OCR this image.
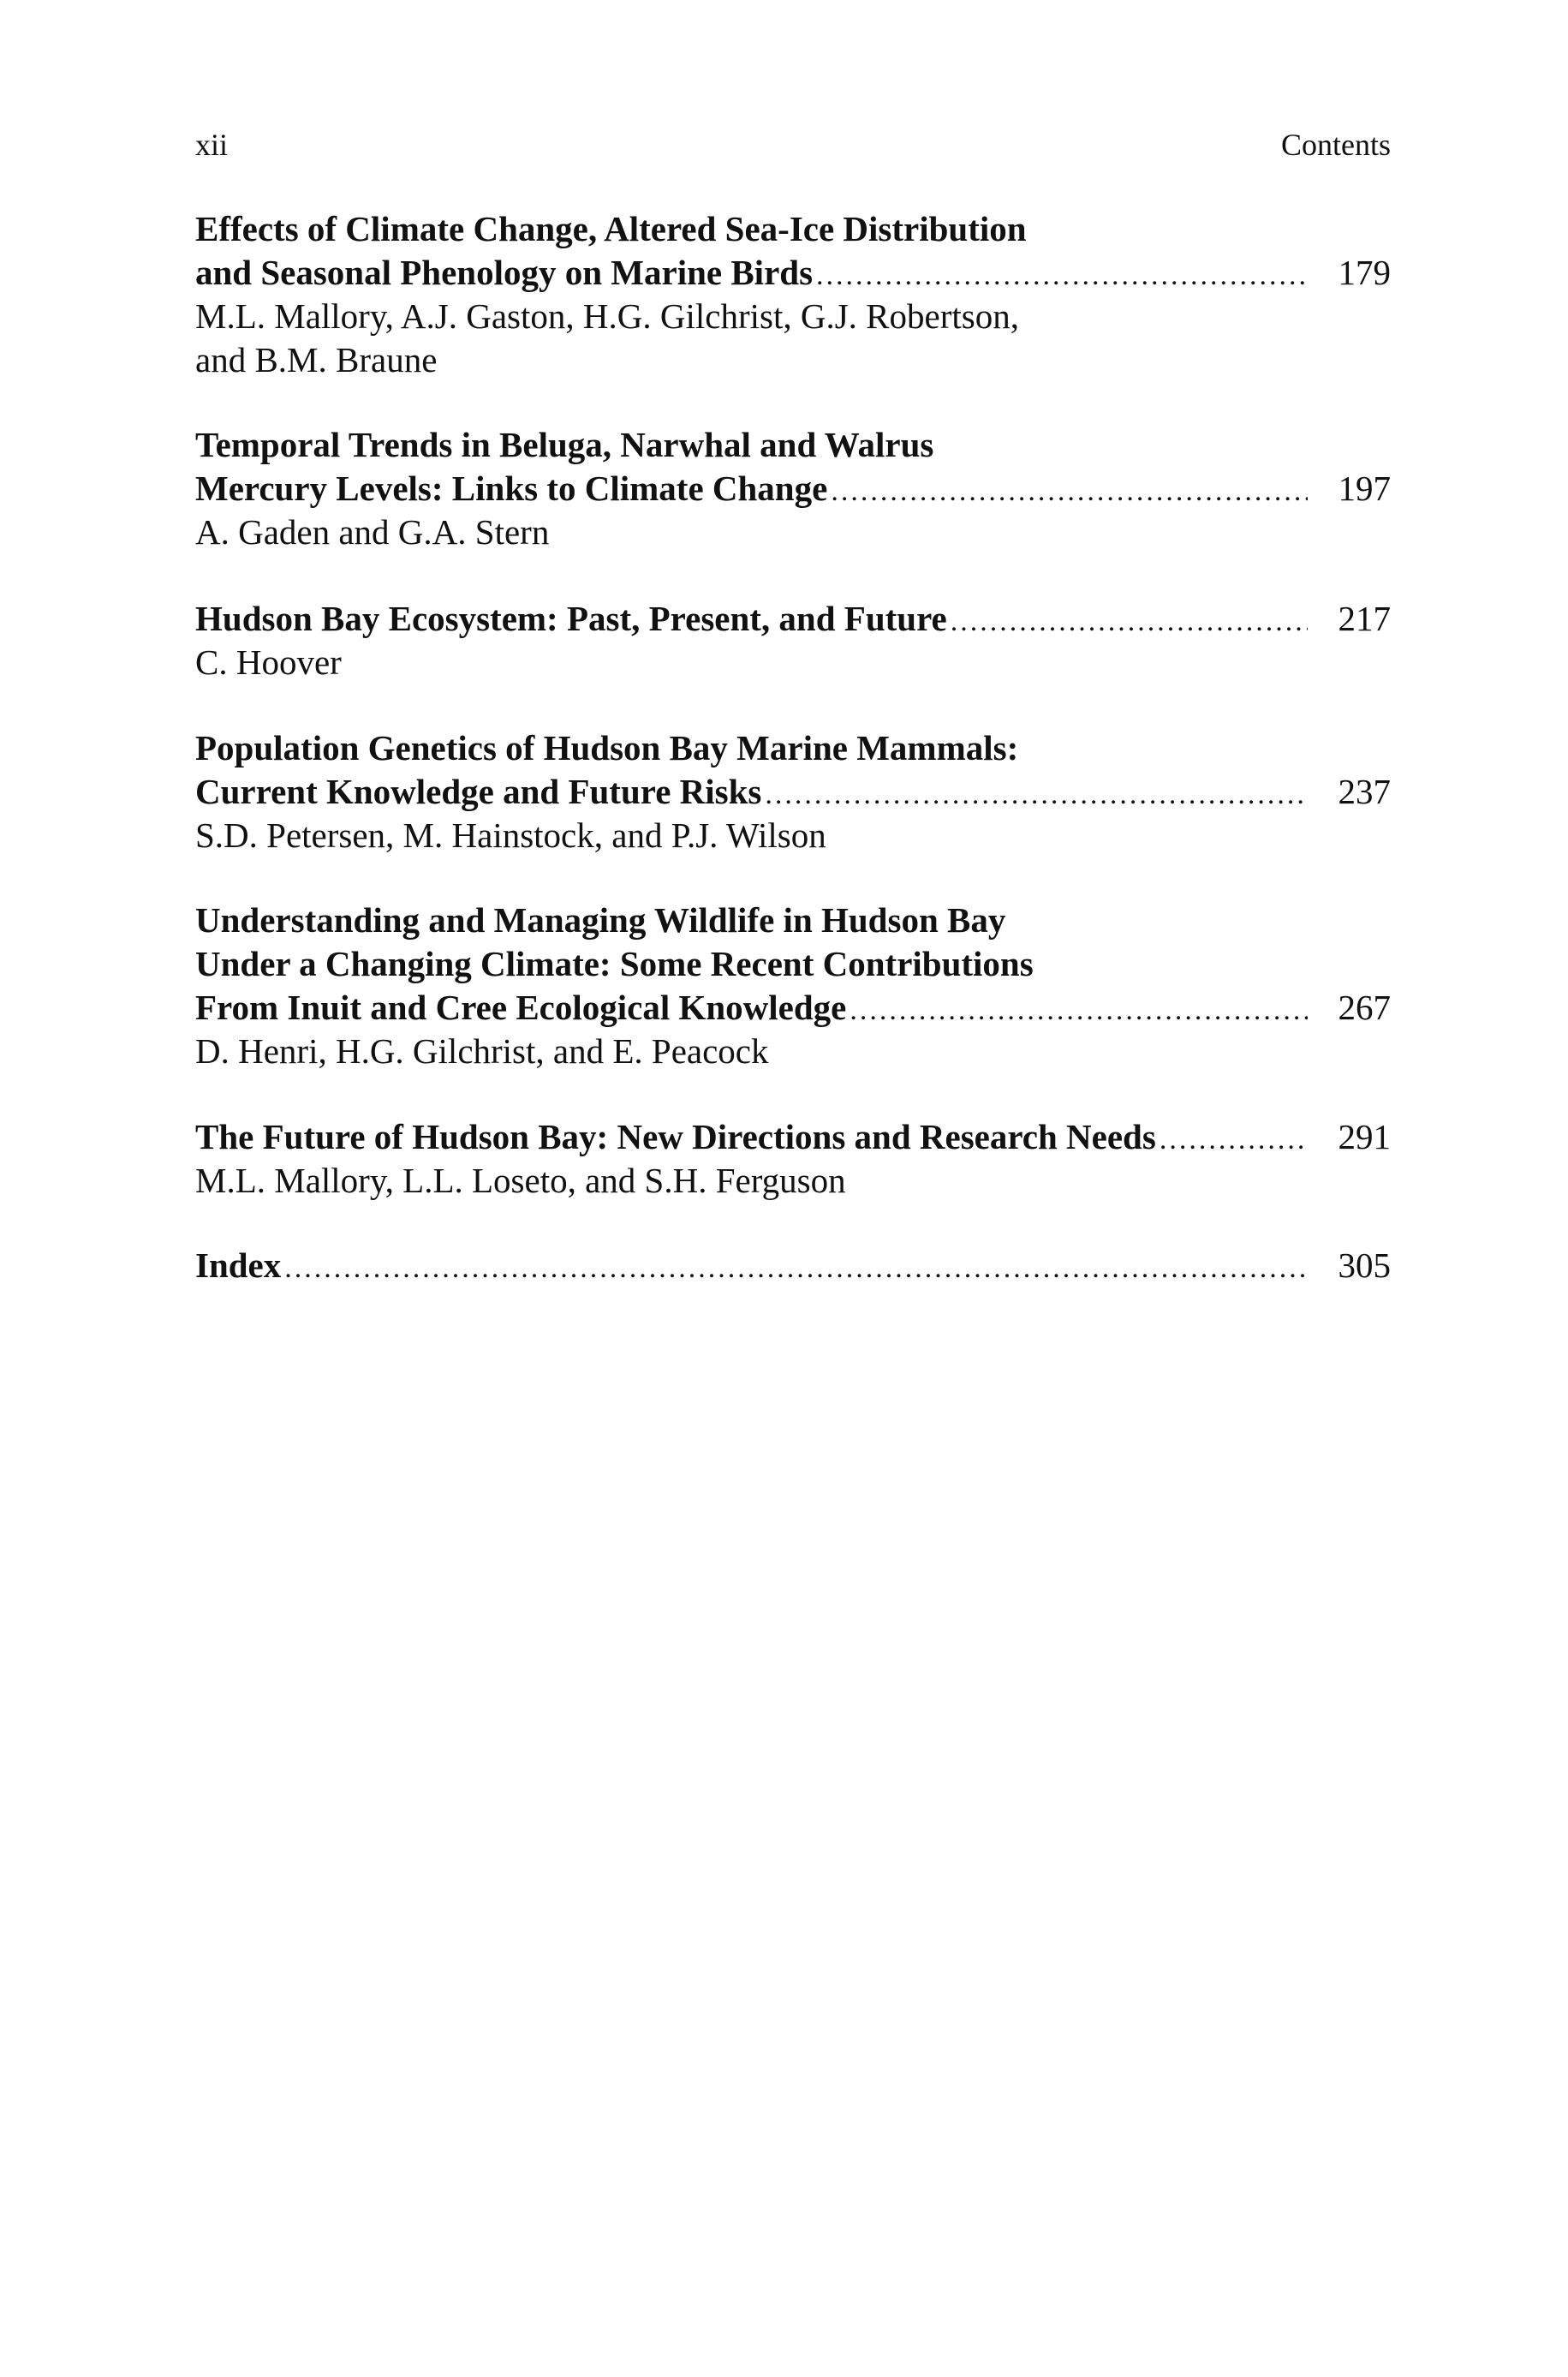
xii	Contents
Effects of Climate Change, Altered Sea-Ice Distribution
and Seasonal Phenology on Marine Birds .....	179
M.L. Mallory, A.J. Gaston, H.G. Gilchrist, G.J. Robertson,
and B.M. Braune
Temporal Trends in Beluga, Narwhal and Walrus
Mercury Levels: Links to Climate Change .....	197
A. Gaden and G.A. Stern
Hudson Bay Ecosystem: Past, Present, and Future .....	217
C. Hoover
Population Genetics of Hudson Bay Marine Mammals:
Current Knowledge and Future Risks .....	237
S.D. Petersen, M. Hainstock, and P.J. Wilson
Understanding and Managing Wildlife in Hudson Bay
Under a Changing Climate: Some Recent Contributions
From Inuit and Cree Ecological Knowledge .....	267
D. Henri, H.G. Gilchrist, and E. Peacock
The Future of Hudson Bay: New Directions and Research Needs .....	291
M.L. Mallory, L.L. Loseto, and S.H. Ferguson
Index .....	305
